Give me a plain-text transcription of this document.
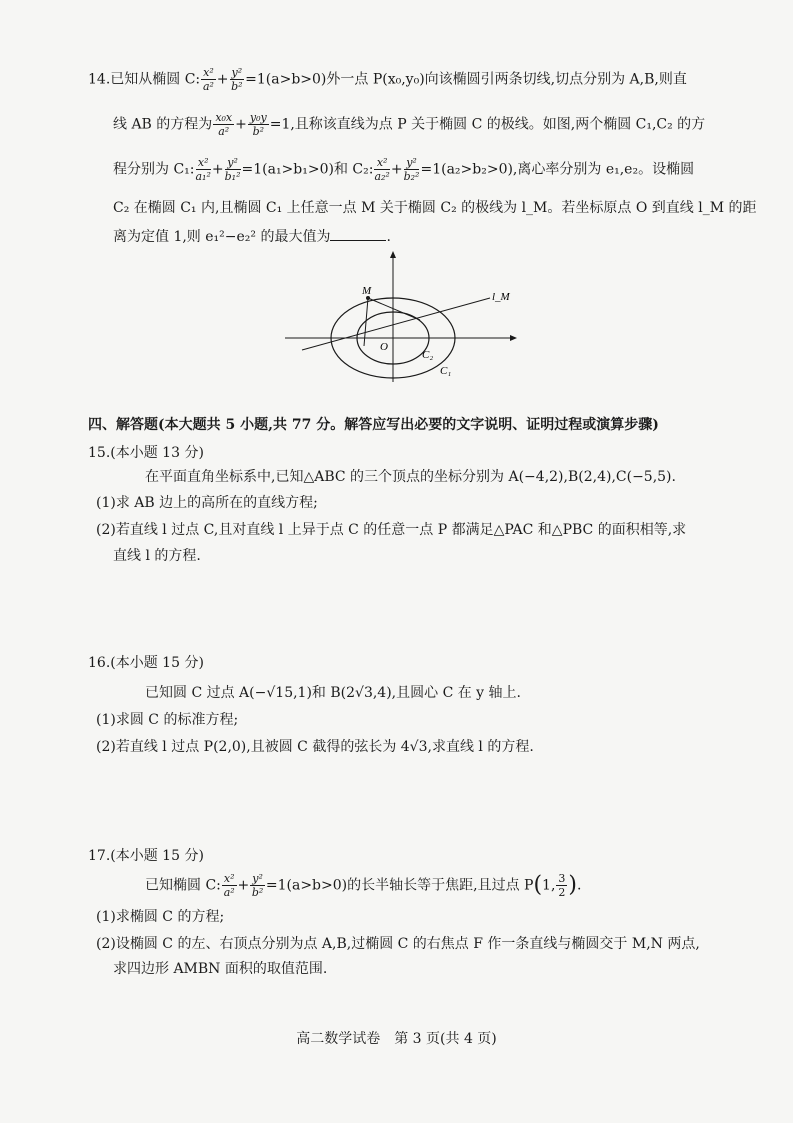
14.已知从椭圆 C: $\frac{\text{x²}}{\text{a²}} + \frac{\text{y²}}{\text{b²}} =1(a>b>0)$外一点 P(x₀,y₀)向该椭圆引两条切线,切点分别为 A,B,则直
线 AB 的方程为 $\frac{\text{x₀x}}{\text{a²}} + \frac{\text{y₀y}}{\text{b²}} =1$,且称该直线为点 P 关于椭圆 C 的极线。如图,两个椭圆 C₁,C₂ 的方
程分别为 C₁: $\frac{\text{x²}}{\text{a₁²}} + \frac{\text{y²}}{\text{b₁²}} =1(a_1>b_1>0)$和 C₂: $\frac{\text{x²}}{\text{a₂²}} + \frac{\text{y²}}{\text{b₂²}} =1(a_2>b_2>0)$,离心率分别为 e₁,e₂。设椭圆
C₂ 在椭圆 C₁ 内,且椭圆 C₁ 上任意一点 M 关于椭圆 C₂ 的极线为 l_M。若坐标原点 O 到直线 l_M 的距
离为定值 1,则 e₁²−e₂² 的最大值为	.
M	l_M
O
C₂
C₁
四、解答题(本大题共 5 小题,共 77 分。解答应写出必要的文字说明、证明过程或演算步骤)
15.(本小题 13 分)
在平面直角坐标系中,已知△ABC 的三个顶点的坐标分别为 A(−4,2),B(2,4),C(−5,5).
(1)求 AB 边上的高所在的直线方程;
(2)若直线 l 过点 C,且对直线 l 上异于点 C 的任意一点 P 都满足△PAC 和△PBC 的面积相等,求
直线 l 的方程.
16.(本小题 15 分)
已知圆 C 过点 A(−√15,1)和 B(2√3,4),且圆心 C 在 y 轴上.
(1)求圆 C 的标准方程;
(2)若直线 l 过点 P(2,0),且被圆 C 截得的弦长为 4√3,求直线 l 的方程.
17.(本小题 15 分)
已知椭圆 C: $\frac{\text{x²}}{\text{a²}} + \frac{\text{y²}}{\text{b²}} =1(a>b>0)$的长半轴长等于焦距,且过点 P(1, $\frac{3}{2}$ ).
(1)求椭圆 C 的方程;
(2)设椭圆 C 的左、右顶点分别为点 A,B,过椭圆 C 的右焦点 F 作一条直线与椭圆交于 M,N 两点,
求四边形 AMBN 面积的取值范围.
高二数学试卷　第 3 页(共 4 页)
